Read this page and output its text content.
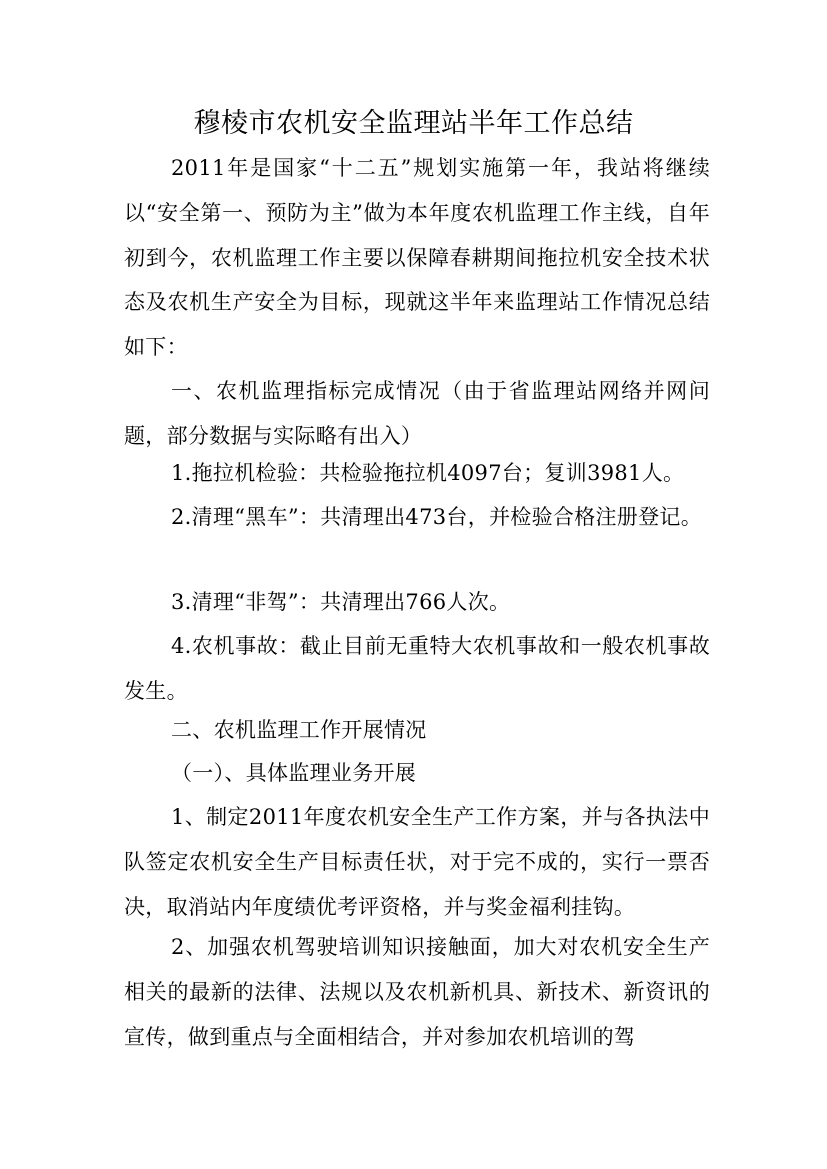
穆棱市农机安全监理站半年工作总结

2011年是国家“十二五”规划实施第一年，我站将继续以“安全第一、预防为主”做为本年度农机监理工作主线，自年初到今，农机监理工作主要以保障春耕期间拖拉机安全技术状态及农机生产安全为目标，现就这半年来监理站工作情况总结如下：

一、农机监理指标完成情况（由于省监理站网络并网问题，部分数据与实际略有出入）

1.拖拉机检验：共检验拖拉机4097台；复训3981人。

2.清理“黑车”：共清理出473台，并检验合格注册登记。

3.清理“非驾”：共清理出766人次。

4.农机事故：截止目前无重特大农机事故和一般农机事故发生。

二、农机监理工作开展情况

（一）、具体监理业务开展

1、制定2011年度农机安全生产工作方案，并与各执法中队签定农机安全生产目标责任状，对于完不成的，实行一票否决，取消站内年度绩优考评资格，并与奖金福利挂钩。

2、加强农机驾驶培训知识接触面，加大对农机安全生产相关的最新的法律、法规以及农机新机具、新技术、新资讯的宣传，做到重点与全面相结合，并对参加农机培训的驾
